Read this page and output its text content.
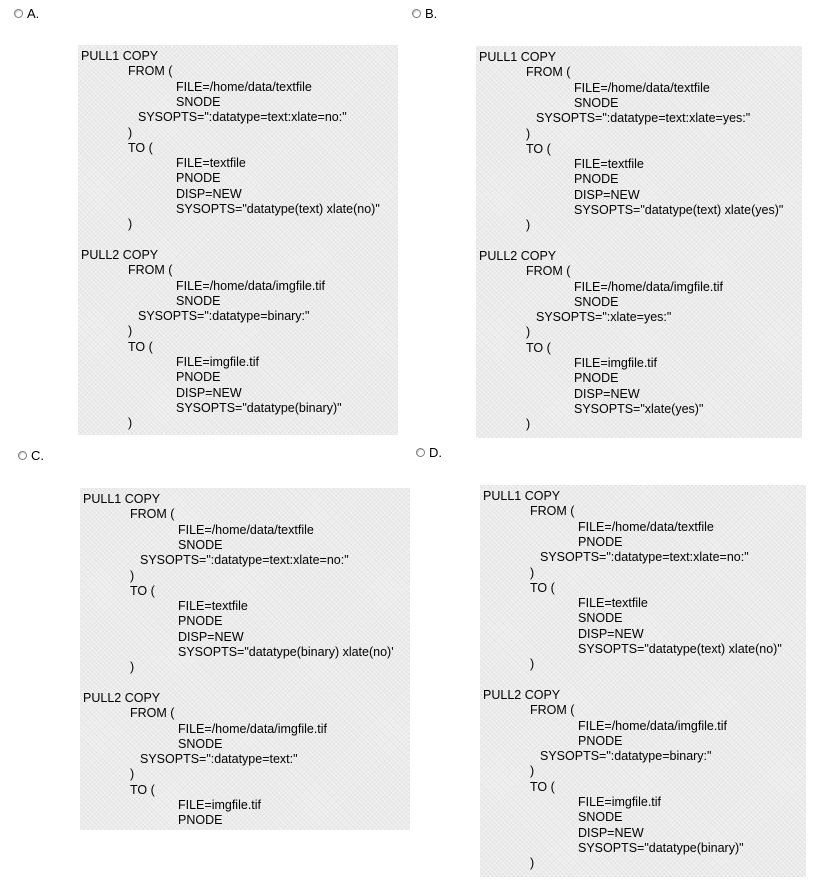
A.
PULL1 COPY
FROM (
FILE=/home/data/textfile
SNODE
SYSOPTS=":datatype=text:xlate=no:"
)
TO (
FILE=textfile
PNODE
DISP=NEW
SYSOPTS="datatype(text) xlate(no)"
)
PULL2 COPY
FROM (
FILE=/home/data/imgfile.tif
SNODE
SYSOPTS=":datatype=binary:"
)
TO (
FILE=imgfile.tif
PNODE
DISP=NEW
SYSOPTS="datatype(binary)"
)
B.
PULL1 COPY
FROM (
FILE=/home/data/textfile
SNODE
SYSOPTS=":datatype=text:xlate=yes:"
)
TO (
FILE=textfile
PNODE
DISP=NEW
SYSOPTS="datatype(text) xlate(yes)"
)
PULL2 COPY
FROM (
FILE=/home/data/imgfile.tif
SNODE
SYSOPTS=":xlate=yes:"
)
TO (
FILE=imgfile.tif
PNODE
DISP=NEW
SYSOPTS="xlate(yes)"
)
C.
PULL1 COPY
FROM (
FILE=/home/data/textfile
SNODE
SYSOPTS=":datatype=text:xlate=no:"
)
TO (
FILE=textfile
PNODE
DISP=NEW
SYSOPTS="datatype(binary) xlate(no)'
)
PULL2 COPY
FROM (
FILE=/home/data/imgfile.tif
SNODE
SYSOPTS=":datatype=text:"
)
TO (
FILE=imgfile.tif
PNODE
D.
PULL1 COPY
FROM (
FILE=/home/data/textfile
PNODE
SYSOPTS=":datatype=text:xlate=no:"
)
TO (
FILE=textfile
SNODE
DISP=NEW
SYSOPTS="datatype(text) xlate(no)"
)
PULL2 COPY
FROM (
FILE=/home/data/imgfile.tif
PNODE
SYSOPTS=":datatype=binary:"
)
TO (
FILE=imgfile.tif
SNODE
DISP=NEW
SYSOPTS="datatype(binary)"
)
